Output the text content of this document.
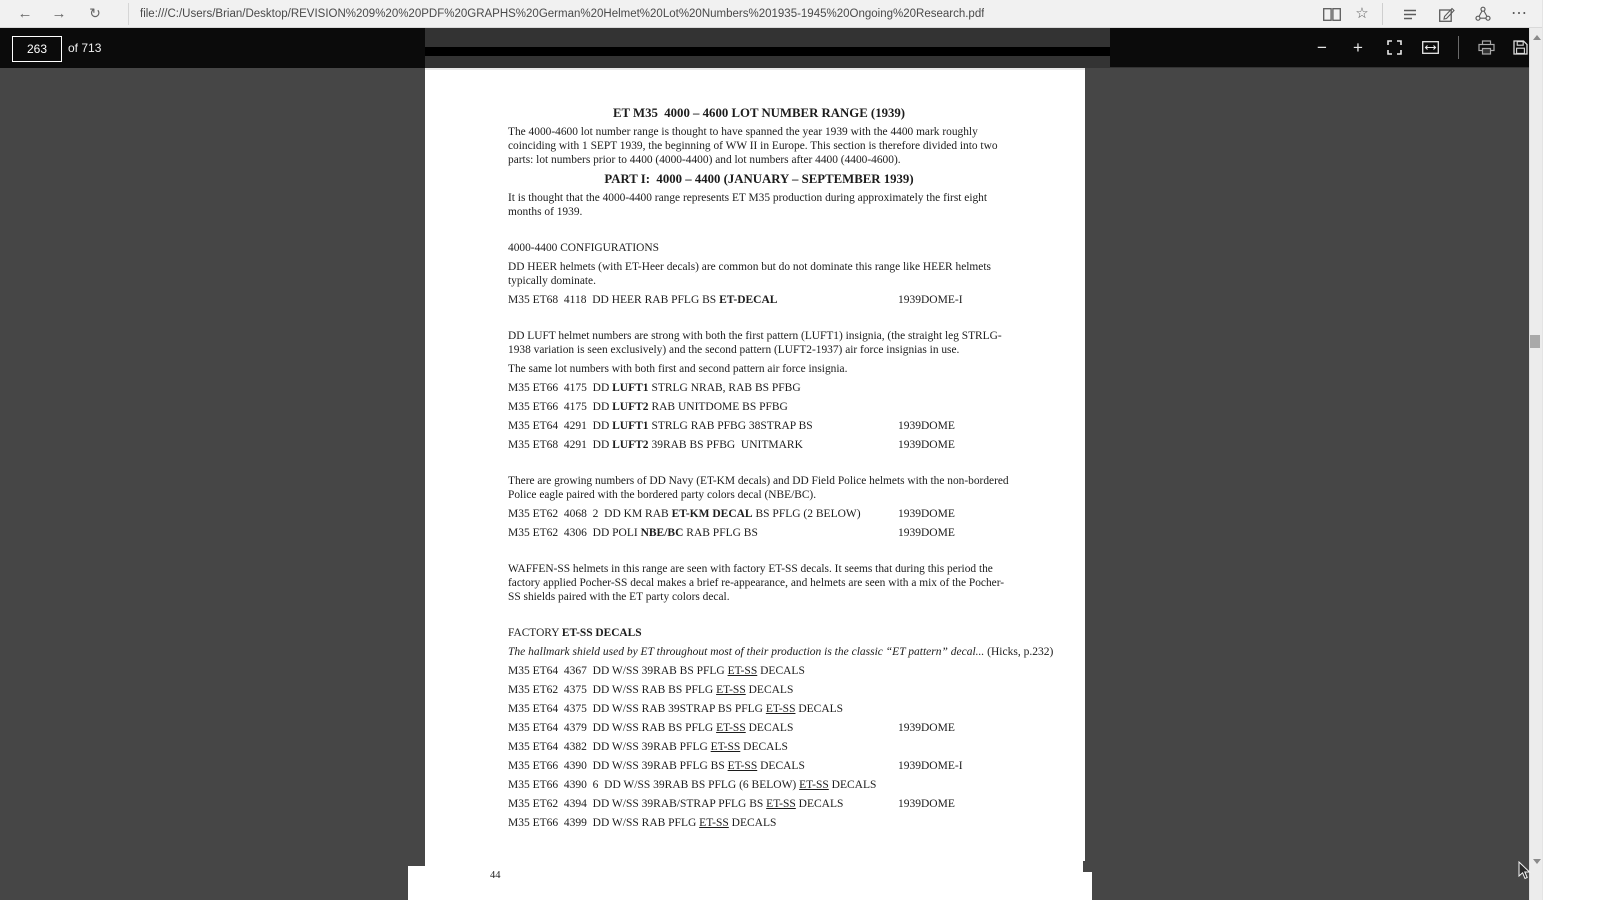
← →	↻	file:///C:/Users/Brian/Desktop/REVISION%209%20%20PDF%20GRAPHS%20German%20Helmet%20Lot%20Numbers%201935-1945%20Ongoing%20Research.pdf	☆	⋯
263
of 713	− +
ET M35  4000 – 4600 LOT NUMBER RANGE (1939)
The 4000-4600 lot number range is thought to have spanned the year 1939 with the 4400 mark roughly coinciding with 1 SEPT 1939, the beginning of WW II in Europe. This section is therefore divided into two parts: lot numbers prior to 4400 (4000-4400) and lot numbers after 4400 (4400-4600).
PART I:  4000 – 4400 (JANUARY – SEPTEMBER 1939)
It is thought that the 4000-4400 range represents ET M35 production during approximately the first eight months of 1939.
4000-4400 CONFIGURATIONS
DD HEER helmets (with ET-Heer decals) are common but do not dominate this range like HEER helmets typically dominate.
M35 ET68  4118  DD HEER RAB PFLG BS ET-DECAL	1939DOME-I
DD LUFT helmet numbers are strong with both the first pattern (LUFT1) insignia, (the straight leg STRLG-1938 variation is seen exclusively) and the second pattern (LUFT2-1937) air force insignias in use.
The same lot numbers with both first and second pattern air force insignia.
M35 ET66  4175  DD LUFT1 STRLG NRAB, RAB BS PFBG
M35 ET66  4175  DD LUFT2 RAB UNITDOME BS PFBG
M35 ET64  4291  DD LUFT1 STRLG RAB PFBG 38STRAP BS	1939DOME
M35 ET68  4291  DD LUFT2 39RAB BS PFBG  UNITMARK	1939DOME
There are growing numbers of DD Navy (ET-KM decals) and DD Field Police helmets with the non-bordered Police eagle paired with the bordered party colors decal (NBE/BC).
M35 ET62  4068  2  DD KM RAB ET-KM DECAL BS PFLG (2 BELOW)	1939DOME
M35 ET62  4306  DD POLI NBE/BC RAB PFLG BS	1939DOME
WAFFEN-SS helmets in this range are seen with factory ET-SS decals. It seems that during this period the factory applied Pocher-SS decal makes a brief re-appearance, and helmets are seen with a mix of the Pocher-SS shields paired with the ET party colors decal.
FACTORY ET-SS DECALS
The hallmark shield used by ET throughout most of their production is the classic “ET pattern” decal... (Hicks, p.232)
M35 ET64  4367  DD W/SS 39RAB BS PFLG ET-SS DECALS
M35 ET62  4375  DD W/SS RAB BS PFLG ET-SS DECALS
M35 ET64  4375  DD W/SS RAB 39STRAP BS PFLG ET-SS DECALS
M35 ET64  4379  DD W/SS RAB BS PFLG ET-SS DECALS	1939DOME
M35 ET64  4382  DD W/SS 39RAB PFLG ET-SS DECALS
M35 ET66  4390  DD W/SS 39RAB PFLG BS ET-SS DECALS	1939DOME-I
M35 ET66  4390  6  DD W/SS 39RAB BS PFLG (6 BELOW) ET-SS DECALS
M35 ET62  4394  DD W/SS 39RAB/STRAP PFLG BS ET-SS DECALS	1939DOME
M35 ET66  4399  DD W/SS RAB PFLG ET-SS DECALS
44
